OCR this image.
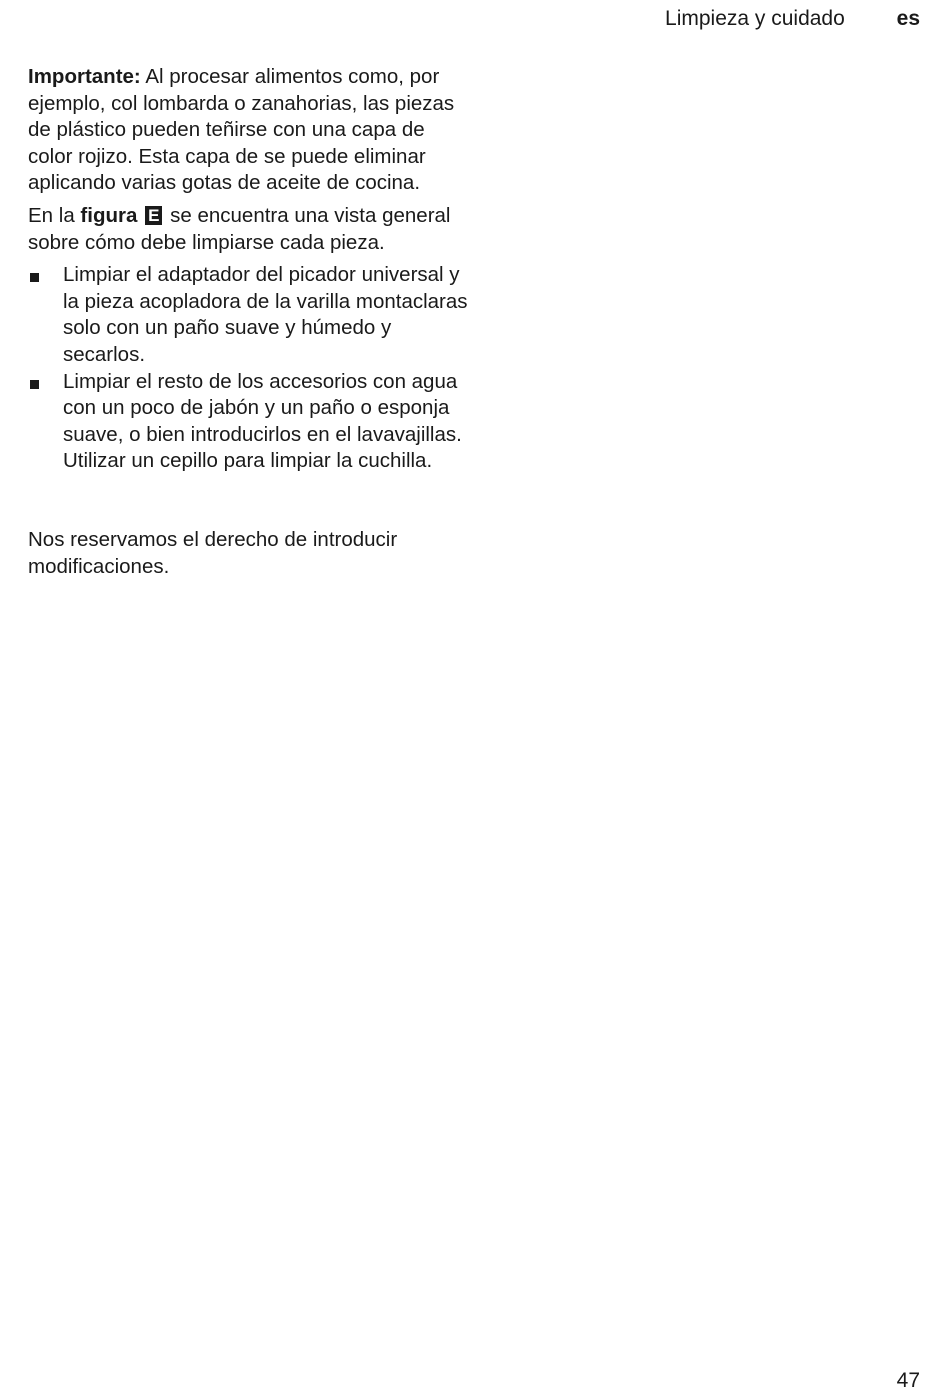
Limpieza y cuidado es

Importante: Al procesar alimentos como, por ejemplo, col lombarda o zanahorias, las piezas de plástico pueden teñirse con una capa de color rojizo. Esta capa de se puede eliminar aplicando varias gotas de aceite de cocina.

En la figura E se encuentra una vista general sobre cómo debe limpiarse cada pieza.

Limpiar el adaptador del picador universal y la pieza acopladora de la varilla montaclaras solo con un paño suave y húmedo y secarlos.
Limpiar el resto de los accesorios con agua con un poco de jabón y un paño o esponja suave, o bien introducirlos en el lavavajillas. Utilizar un cepillo para limpiar la cuchilla.

Nos reservamos el derecho de introducir modificaciones.

47
